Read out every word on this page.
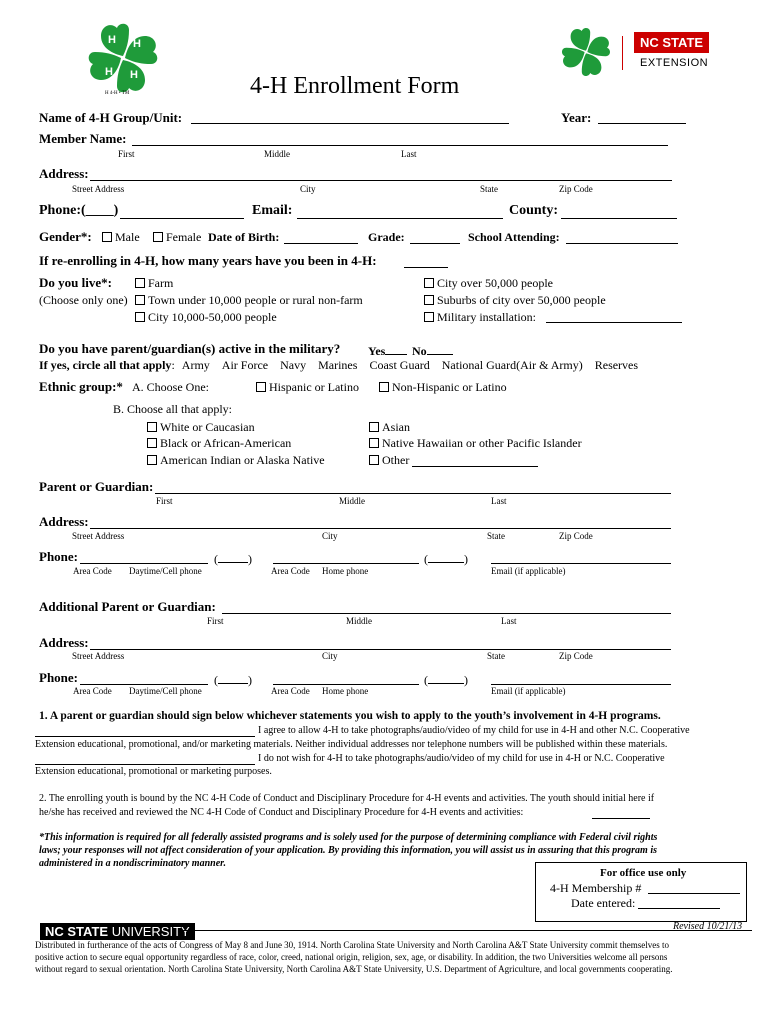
H H
H H
H 4-H • TM
NC STATE
EXTENSION
4-H Enrollment Form
Name of 4-H Group/Unit:	Year:
Member Name:
First	Middle	Last
Address:
Street Address	City	State	Zip Code
Phone:(____)	Email:	County:
Gender*:	Male	Female Date of Birth:	Grade:	School Attending:
If re-enrolling in 4-H, how many years have you been in 4-H:
Do you live*:	Farm
(Choose only one)	Town under 10,000 people or rural non-farm
City 10,000-50,000 people
City over 50,000 people
Suburbs of city over 50,000 people
Military installation:
Do you have parent/guardian(s) active in the military? Yes	No
If yes, circle all that apply: Army Air Force Navy Marines Coast Guard National Guard(Air & Army) Reserves
Ethnic group:* A. Choose One:	Hispanic or Latino	Non-Hispanic or Latino
B. Choose all that apply:
White or Caucasian
Black or African-American
American Indian or Alaska Native
Asian
Native Hawaiian or other Pacific Islander
Other
Parent or Guardian:
First	Middle	Last
Address:
Street Address	City	State	Zip Code
Phone:	(	)	(	)
Area Code Daytime/Cell phone	Area Code Home phone	Email (if applicable)
Additional Parent or Guardian:
First	Middle	Last
Address:
Street Address	City	State	Zip Code
Phone:	(	)	(	)
Area Code Daytime/Cell phone	Area Code Home phone	Email (if applicable)
1. A parent or guardian should sign below whichever statements you wish to apply to the youth’s involvement in 4-H programs.
I agree to allow 4-H to take photographs/audio/video of my child for use in 4-H and other N.C. Cooperative
Extension educational, promotional, and/or marketing materials. Neither individual addresses nor telephone numbers will be published within these materials.
I do not wish for 4-H to take photographs/audio/video of my child for use in 4-H or N.C. Cooperative
Extension educational, promotional or marketing purposes.
2. The enrolling youth is bound by the NC 4-H Code of Conduct and Disciplinary Procedure for 4-H events and activities. The youth should initial here if
he/she has received and reviewed the NC 4-H Code of Conduct and Disciplinary Procedure for 4-H events and activities:
*This information is required for all federally assisted programs and is solely used for the purpose of determining compliance with Federal civil rights
laws; your responses will not affect consideration of your application. By providing this information, you will assist us in assuring that this program is
administered in a nondiscriminatory manner.
For office use only
4-H Membership #
Date entered:
NC STATE UNIVERSITY	Revised 10/21/13
Distributed in furtherance of the acts of Congress of May 8 and June 30, 1914. North Carolina State University and North Carolina A&T State University commit themselves to
positive action to secure equal opportunity regardless of race, color, creed, national origin, religion, sex, age, or disability. In addition, the two Universities welcome all persons
without regard to sexual orientation. North Carolina State University, North Carolina A&T State University, U.S. Department of Agriculture, and local governments cooperating.
